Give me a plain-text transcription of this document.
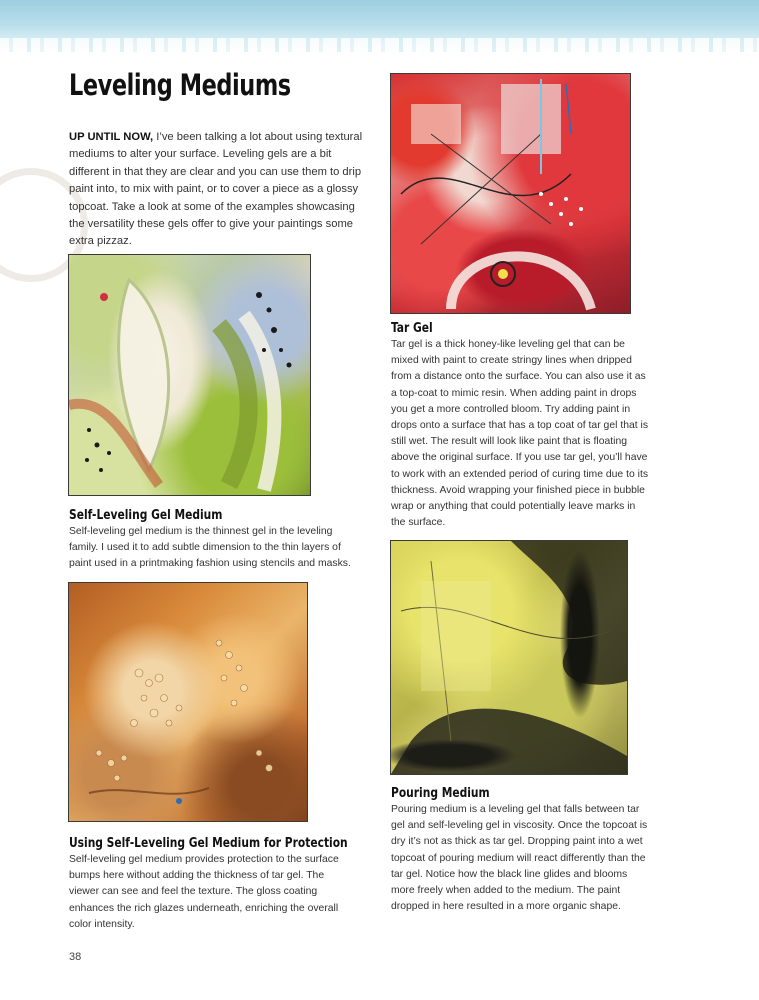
Leveling Mediums

UP UNTIL NOW, I’ve been talking a lot about using textural mediums to alter your surface. Leveling gels are a bit different in that they are clear and you can use them to drip paint into, to mix with paint, or to cover a piece as a glossy topcoat. Take a look at some of the examples showcasing the versatility these gels offer to give your paintings some extra pizzaz.

Tar Gel

Tar gel is a thick honey-like leveling gel that can be mixed with paint to create stringy lines when dripped from a distance onto the surface. You can also use it as a top-coat to mimic resin. When adding paint in drops you get a more controlled bloom. Try adding paint in drops onto a surface that has a top coat of tar gel that is still wet. The result will look like paint that is floating above the original surface. If you use tar gel, you’ll have to work with an extended period of curing time due to its thickness. Avoid wrapping your finished piece in bubble wrap or anything that could potentially leave marks in the surface.

Self-Leveling Gel Medium

Self-leveling gel medium is the thinnest gel in the leveling family. I used it to add subtle dimension to the thin layers of paint used in a printmaking fashion using stencils and masks.

Pouring Medium

Pouring medium is a leveling gel that falls between tar gel and self-leveling gel in viscosity. Once the topcoat is dry it’s not as thick as tar gel. Dropping paint into a wet topcoat of pouring medium will react differently than the tar gel. Notice how the black line glides and blooms more freely when added to the medium. The paint dropped in here resulted in a more organic shape.

Using Self-Leveling Gel Medium for Protection

Self-leveling gel medium provides protection to the surface bumps here without adding the thickness of tar gel. The viewer can see and feel the texture. The gloss coating enhances the rich glazes underneath, enriching the overall color intensity.

38
